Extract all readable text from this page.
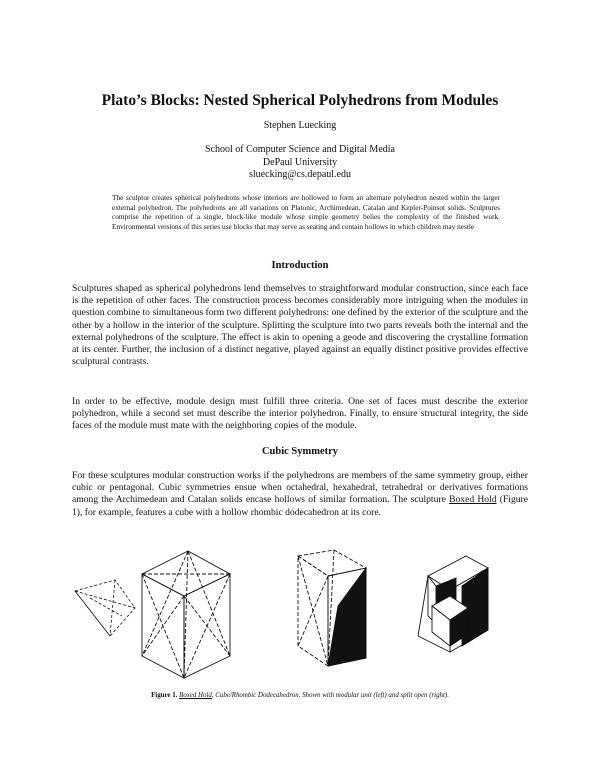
Plato’s Blocks: Nested Spherical Polyhedrons from Modules
Stephen Luecking
School of Computer Science and Digital Media
DePaul University
sluecking@cs.depaul.edu
The sculptor creates spherical polyhedrons whose interiors are hollowed to form an alternate polyhedron nested within the larger external polyhedron. The polyhedrons are all variations on Platonic, Archimedean, Catalan and Kepler-Poinsot solids. Sculptures comprise the repetition of a single, block-like module whose simple geometry belies the complexity of the finished work. Environmental versions of this series use blocks that may serve as seating and contain hollows in which children may nestle
Introduction
Sculptures shaped as spherical polyhedrons lend themselves to straightforward modular construction, since each face is the repetition of other faces. The construction process becomes considerably more intriguing when the modules in question combine to simultaneous form two different polyhedrons: one defined by the exterior of the sculpture and the other by a hollow in the interior of the sculpture. Splitting the sculpture into two parts reveals both the internal and the external polyhedrons of the sculpture. The effect is akin to opening a geode and discovering the crystalline formation at its center. Further, the inclusion of a distinct negative, played against an equally distinct positive provides effective sculptural contrasts.
In order to be effective, module design must fulfill three criteria. One set of faces must describe the exterior polyhedron, while a second set must describe the interior polyhedron. Finally, to ensure structural integrity, the side faces of the module must mate with the neighboring copies of the module.
Cubic Symmetry
For these sculptures modular construction works if the polyhedrons are members of the same symmetry group, either cubic or pentagonal. Cubic symmetries ensue when octahedral, hexahedral, tetrahedral or derivatives formations among the Archimedean and Catalan solids encase hollows of similar formation. The sculpture Boxed Hold (Figure 1), for example, features a cube with a hollow rhombic dodecahedron at its core.
Figure 1. Boxed Hold, Cube/Rhombic Dodecahedron. Shown with modular unit (left) and split open (right).
